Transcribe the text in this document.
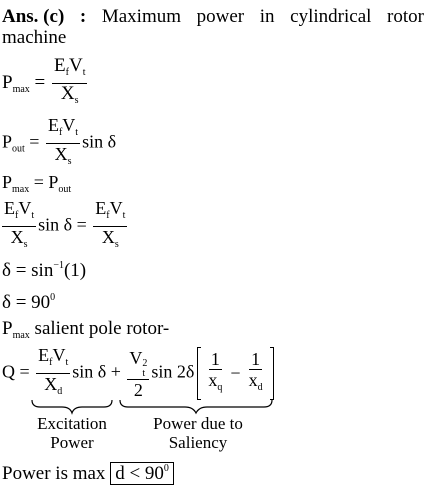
Ans. (c) : Maximum power in cylindrical rotor
machine
$P_{max} = \frac{E_fV_t}{X_s}$
$P_{out} = \frac{E_fV_t}{X_s}$ sin δ
$P_{max} = P_{out}$
$\frac{E_fV_t}{X_s}$ $\sin \delta = \frac{E_fV_t}{X_s}$
$\delta = \sin^{-1}(1)$
$\delta = 90^0$
$P_{max}$ salient pole rotor-
$Q = \frac{E_fV_t}{X_d}$ sin δ + V 2
t
2 $\sin 2\delta \frac{1}{x_q} - \frac{1}{x_d}$
Excitation
Power
Power due to
Saliency
Power is $\max d < 90^0$
